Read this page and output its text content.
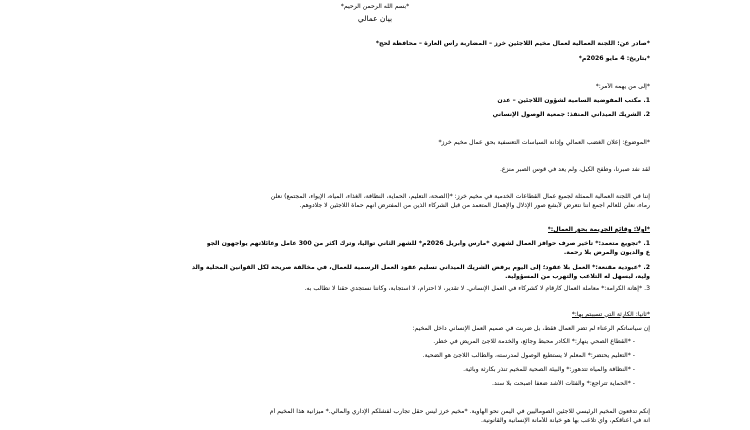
*بسم الله الرحمن الرحيم*
بيان عمالي
*صادر عن: اللجنة العمالية لعمال مخيم اللاجئين خرز – المضاربة رأس العارة – محافظة لحج*
*بتاريخ: 4 مايو 2026م*
*إلى من يهمه الأمر:*
1. مكتب المفوضية السامية لشؤون اللاجئين – عدن
2. الشريك الميداني المنفذ: جمعية الوصول الإنساني
*الموضوع: إعلان الغضب العمالي وإدانة السياسات التعسفية بحق عمال مخيم خرز*
لقد نفد صبرنا، وطفح الكيل، ولم يعد في قوس الصبر منزع.
إننا في اللجنة العمالية الممثلة لجميع عمال القطاعات الخدمية في مخيم خرز: *(الصحة، التعليم، الحماية، النظافة، الغذاء، المياه، الإيواء، المجتمع) نعلن
رماء، نعلن للعالم أجمع أننا نتعرض لأبشع صور الإذلال والإهمال المتعمد من قبل الشركاء الذين من المفترض أنهم حماة اللاجئين لا جلادوهم.
*أولاً: وقائع الجريمة بحق العمال:*
1. *تجويع متعمد:* تأخير صرف حوافز العمال لشهري *مارس وأبريل 2026م* للشهر الثاني توالياً، وترك أكثر من 300 عامل وعائلاتهم يواجهون الجو
ع والديون والمرض بلا رحمة.
2. *عبودية مقنعة:* العمل بلا عقود؛ إلى اليوم يرفض الشريك الميداني تسليم عقود العمل الرسمية للعمال، في مخالفة صريحة لكل القوانين المحلية والد
ولية، ليسهل له التلاعب والتهرب من المسؤولية.
3. *إهانة الكرامة:* معاملة العمال كأرقام لا كشركاء في العمل الإنساني. لا تقدير، لا احترام، لا استجابة، وكأننا نستجدي حقنا لا نطالب به.
*ثانياً: الكارثة التي تسببتم بها:*
إن سياساتكم الرعناء لم تضر العمال فقط، بل ضربت في صميم العمل الإنساني داخل المخيم:
- *القطاع الصحي ينهار:* الكادر محبط وجائع، والخدمة للاجئ المريض في خطر.
- *التعليم يحتضر:* المعلم لا يستطيع الوصول لمدرسته، والطالب اللاجئ هو الضحية.
- *النظافة والمياه تتدهور:* والبيئة الصحية للمخيم تنذر بكارثة وبائية.
- *الحماية تتراجع:* والفئات الأشد ضعفاً أصبحت بلا سند.
إنكم تدفعون المخيم الرئيسي للاجئين الصوماليين في اليمن نحو الهاوية. *مخيم خرز ليس حقل تجارب لفشلكم الإداري والمالي.* ميزانية هذا المخيم أم
انة في أعناقكم، وأي تلاعب بها هو خيانة للأمانة الإنسانية والقانونية.
